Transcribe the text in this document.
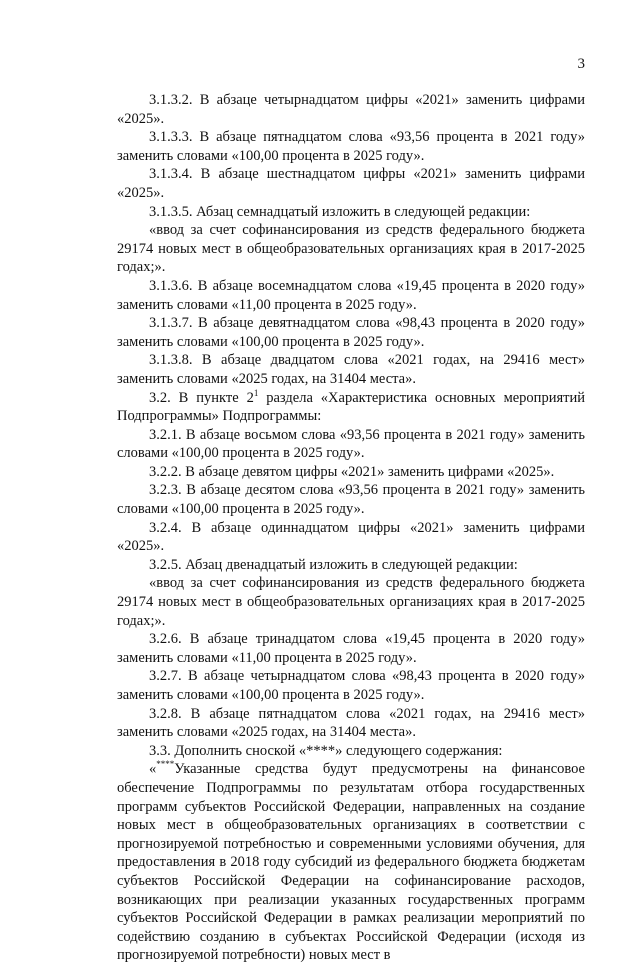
3

3.1.3.2. В абзаце четырнадцатом цифры «2021» заменить цифрами «2025».

3.1.3.3. В абзаце пятнадцатом слова «93,56 процента в 2021 году» заменить словами «100,00 процента в 2025 году».

3.1.3.4. В абзаце шестнадцатом цифры «2021» заменить цифрами «2025».

3.1.3.5. Абзац семнадцатый изложить в следующей редакции:

«ввод за счет софинансирования из средств федерального бюджета 29174 новых мест в общеобразовательных организациях края в 2017-2025 годах;».

3.1.3.6. В абзаце восемнадцатом слова «19,45 процента в 2020 году» заменить словами «11,00 процента в 2025 году».

3.1.3.7. В абзаце девятнадцатом слова «98,43 процента в 2020 году» заменить словами «100,00 процента в 2025 году».

3.1.3.8. В абзаце двадцатом слова «2021 годах, на 29416 мест» заменить словами «2025 годах, на 31404 места».

3.2. В пункте $2^1$ раздела «Характеристика основных мероприятий Подпрограммы» Подпрограммы:

3.2.1. В абзаце восьмом слова «93,56 процента в 2021 году» заменить словами «100,00 процента в 2025 году».

3.2.2. В абзаце девятом цифры «2021» заменить цифрами «2025».

3.2.3. В абзаце десятом слова «93,56 процента в 2021 году» заменить словами «100,00 процента в 2025 году».

3.2.4. В абзаце одиннадцатом цифры «2021» заменить цифрами «2025».

3.2.5. Абзац двенадцатый изложить в следующей редакции:

«ввод за счет софинансирования из средств федерального бюджета 29174 новых мест в общеобразовательных организациях края в 2017-2025 годах;».

3.2.6. В абзаце тринадцатом слова «19,45 процента в 2020 году» заменить словами «11,00 процента в 2025 году».

3.2.7. В абзаце четырнадцатом слова «98,43 процента в 2020 году» заменить словами «100,00 процента в 2025 году».

3.2.8. В абзаце пятнадцатом слова «2021 годах, на 29416 мест» заменить словами «2025 годах, на 31404 места».

3.3. Дополнить сноской «****» следующего содержания:

«****Указанные средства будут предусмотрены на финансовое обеспечение Подпрограммы по результатам отбора государственных программ субъектов Российской Федерации, направленных на создание новых мест в общеобразовательных организациях в соответствии с прогнозируемой потребностью и современными условиями обучения, для предоставления в 2018 году субсидий из федерального бюджета бюджетам субъектов Российской Федерации на софинансирование расходов, возникающих при реализации указанных государственных программ субъектов Российской Федерации в рамках реализации мероприятий по содействию созданию в субъектах Российской Федерации (исходя из прогнозируемой потребности) новых мест в
